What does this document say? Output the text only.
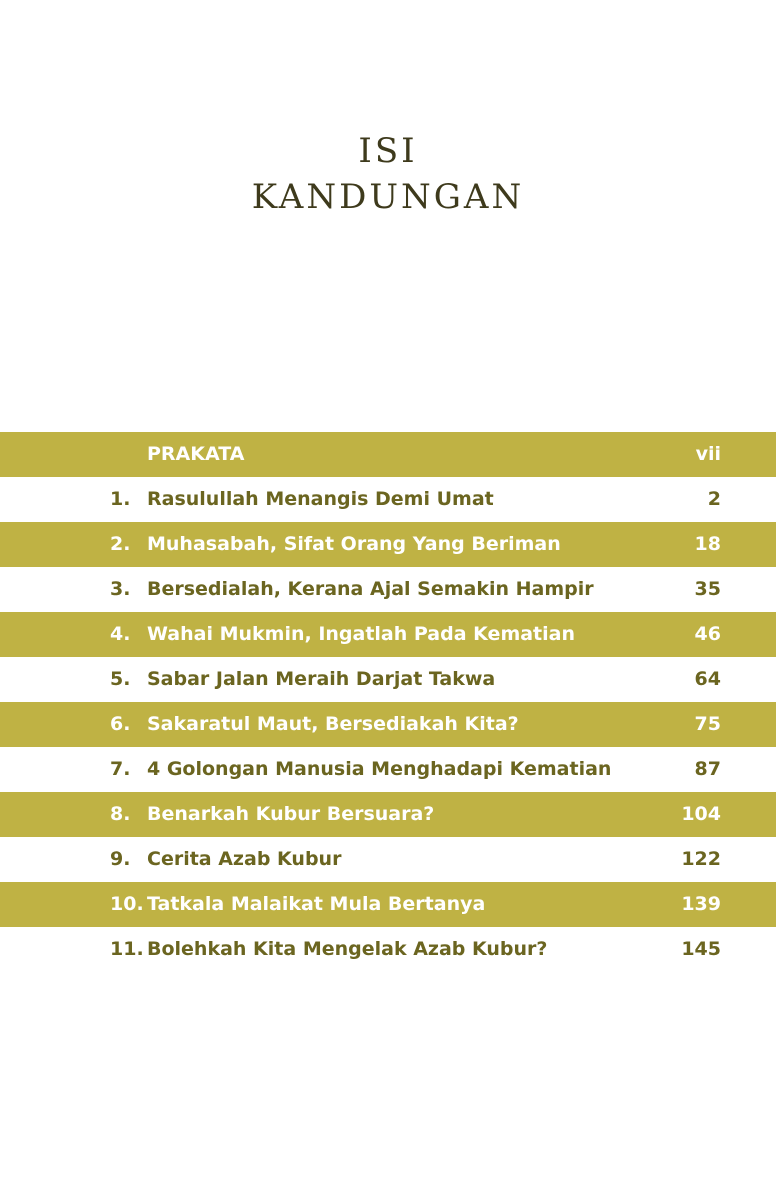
ISI
KANDUNGAN
PRAKATA	vii
1. Rasulullah Menangis Demi Umat	2
2. Muhasabah, Sifat Orang Yang Beriman	18
3. Bersedialah, Kerana Ajal Semakin Hampir	35
4. Wahai Mukmin, Ingatlah Pada Kematian	46
5. Sabar Jalan Meraih Darjat Takwa	64
6. Sakaratul Maut, Bersediakah Kita?	75
7. 4 Golongan Manusia Menghadapi Kematian	87
8. Benarkah Kubur Bersuara?	104
9. Cerita Azab Kubur	122
10. Tatkala Malaikat Mula Bertanya	139
11. Bolehkah Kita Mengelak Azab Kubur?	145
